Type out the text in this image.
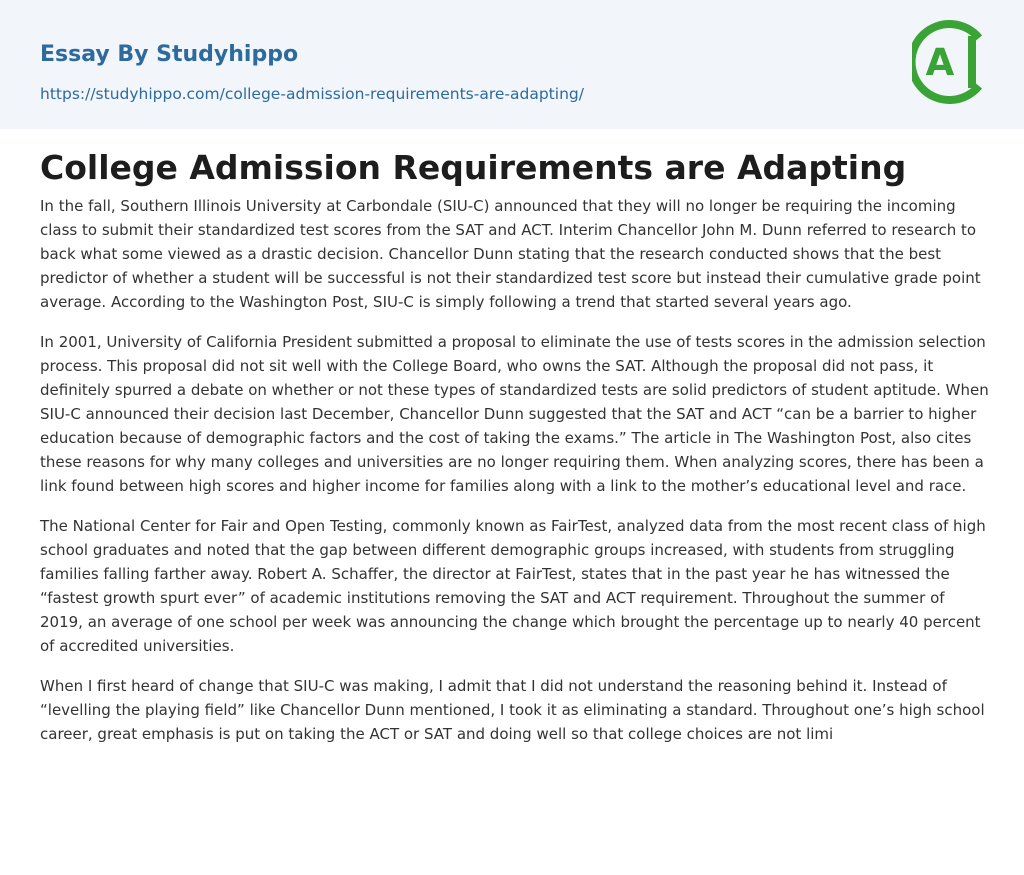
Essay By Studyhippo
https://studyhippo.com/college-admission-requirements-are-adapting/
A
College Admission Requirements are Adapting

In the fall, Southern Illinois University at Carbondale (SIU-C) announced that they will no longer be requiring the incoming class to submit their standardized test scores from the SAT and ACT. Interim Chancellor John M. Dunn referred to research to back what some viewed as a drastic decision. Chancellor Dunn stating that the research conducted shows that the best predictor of whether a student will be successful is not their standardized test score but instead their cumulative grade point average. According to the Washington Post, SIU-C is simply following a trend that started several years ago.

In 2001, University of California President submitted a proposal to eliminate the use of tests scores in the admission selection process. This proposal did not sit well with the College Board, who owns the SAT. Although the proposal did not pass, it definitely spurred a debate on whether or not these types of standardized tests are solid predictors of student aptitude. When SIU-C announced their decision last December, Chancellor Dunn suggested that the SAT and ACT “can be a barrier to higher education because of demographic factors and the cost of taking the exams.” The article in The Washington Post, also cites these reasons for why many colleges and universities are no longer requiring them. When analyzing scores, there has been a link found between high scores and higher income for families along with a link to the mother’s educational level and race.

The National Center for Fair and Open Testing, commonly known as FairTest, analyzed data from the most recent class of high school graduates and noted that the gap between different demographic groups increased, with students from struggling families falling farther away. Robert A. Schaffer, the director at FairTest, states that in the past year he has witnessed the “fastest growth spurt ever” of academic institutions removing the SAT and ACT requirement. Throughout the summer of 2019, an average of one school per week was announcing the change which brought the percentage up to nearly 40 percent of accredited universities.

When I first heard of change that SIU-C was making, I admit that I did not understand the reasoning behind it. Instead of “levelling the playing field” like Chancellor Dunn mentioned, I took it as eliminating a standard. Throughout one’s high school career, great emphasis is put on taking the ACT or SAT and doing well so that college choices are not limi
